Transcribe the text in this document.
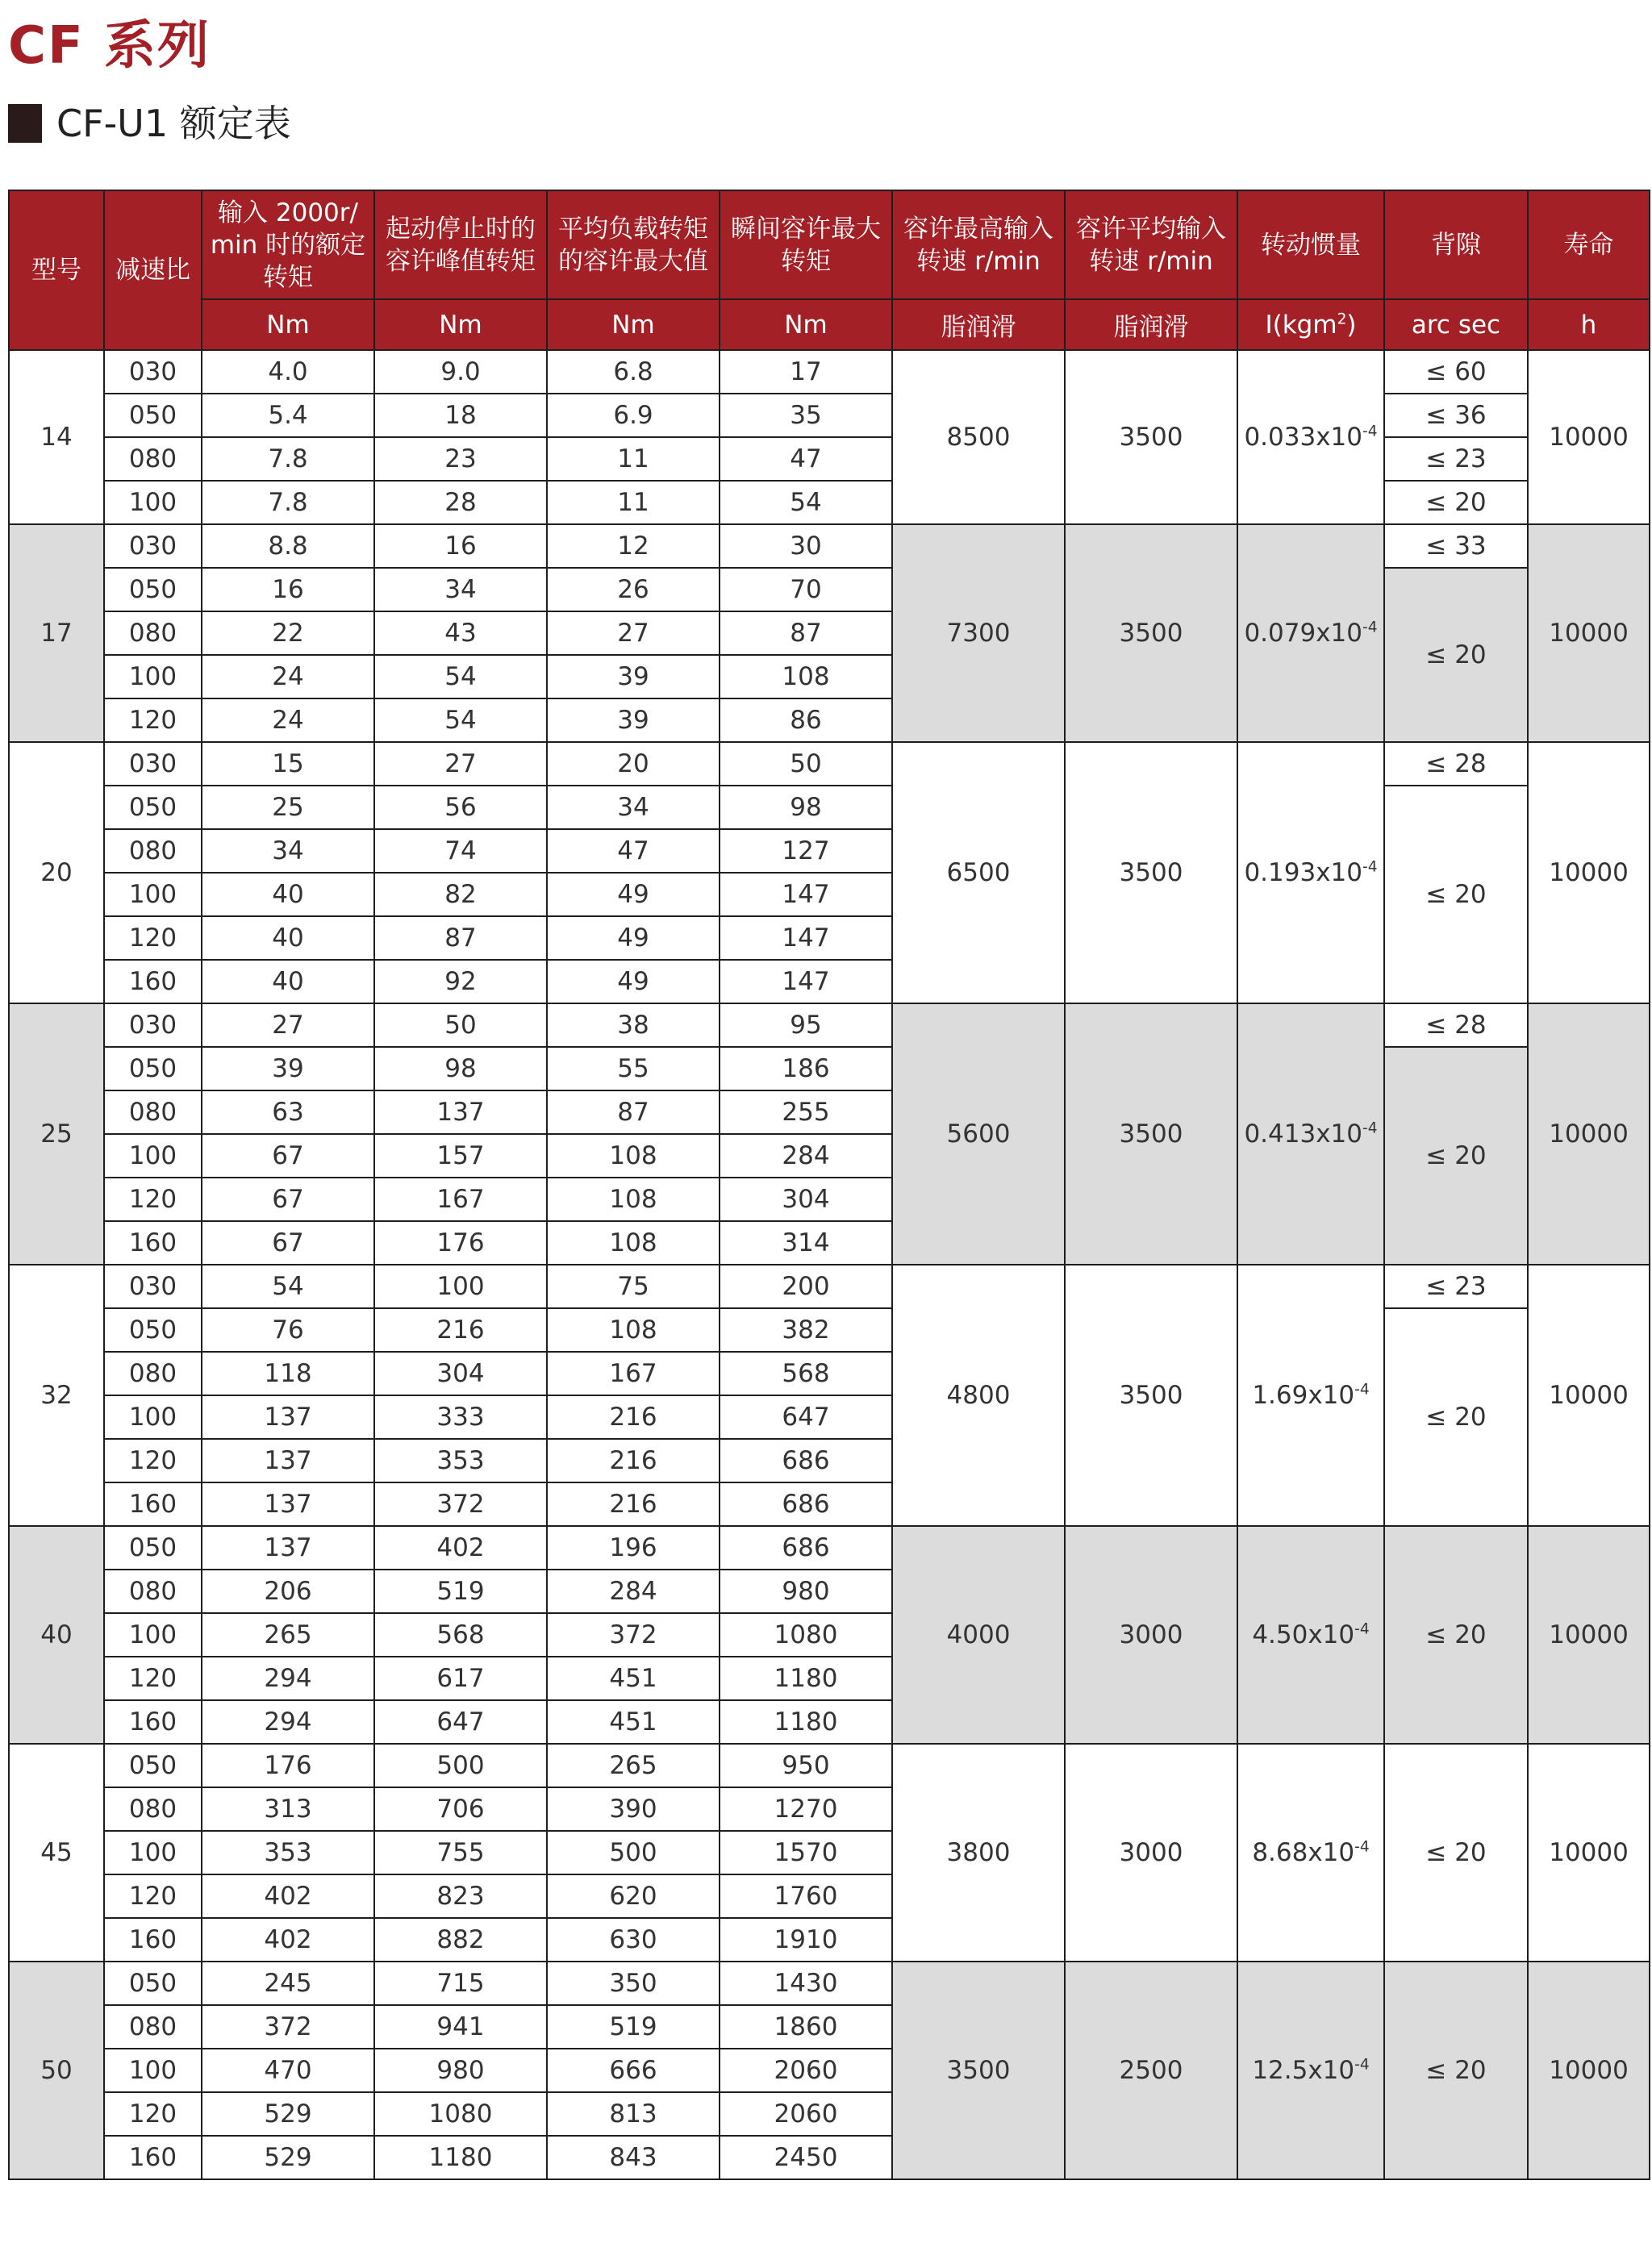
CF 系列
CF-U1 额定表
型号	减速比	输入 2000r/ min 时的额定转矩	起动停止时的容许峰值转矩	平均负载转矩的容许最大值	瞬间容许最大转矩	容许最高输入转速 r/min	容许平均输入转速 r/min	转动惯量	背隙	寿命
		Nm	Nm	Nm	Nm	脂润滑	脂润滑	I(kgm$^2$)	arc sec	h
14	030	4.0	9.0	6.8	17	8500	3500	$0.033x10^{-4}$	≤ 60	10000
	050	5.4	18	6.9	35				≤ 36	
	080	7.8	23	11	47				≤ 23	
	100	7.8	28	11	54				≤ 20	
17	030	8.8	16	12	30	7300	3500	$0.079x10^{-4}$	≤ 33	10000
	050	16	34	26	70				≤ 20	
	080	22	43	27	87					
	100	24	54	39	108					
	120	24	54	39	86					
20	030	15	27	20	50	6500	3500	$0.193x10^{-4}$	≤ 28	10000
	050	25	56	34	98				≤ 20	
	080	34	74	47	127					
	100	40	82	49	147					
	120	40	87	49	147					
	160	40	92	49	147					
25	030	27	50	38	95	5600	3500	$0.413x10^{-4}$	≤ 28	10000
	050	39	98	55	186				≤ 20	
	080	63	137	87	255					
	100	67	157	108	284					
	120	67	167	108	304					
	160	67	176	108	314					
32	030	54	100	75	200	4800	3500	$1.69x10^{-4}$	≤ 23	10000
	050	76	216	108	382				≤ 20	
	080	118	304	167	568					
	100	137	333	216	647					
	120	137	353	216	686					
	160	137	372	216	686					
40	050	137	402	196	686	4000	3000	$4.50x10^{-4}$	≤ 20	10000
	080	206	519	284	980					
	100	265	568	372	1080					
	120	294	617	451	1180					
	160	294	647	451	1180					
45	050	176	500	265	950	3800	3000	$8.68x10^{-4}$	≤ 20	10000
	080	313	706	390	1270					
	100	353	755	500	1570					
	120	402	823	620	1760					
	160	402	882	630	1910					
50	050	245	715	350	1430	3500	2500	$12.5x10^{-4}$	≤ 20	10000
	080	372	941	519	1860					
	100	470	980	666	2060					
	120	529	1080	813	2060					
	160	529	1180	843	2450					
